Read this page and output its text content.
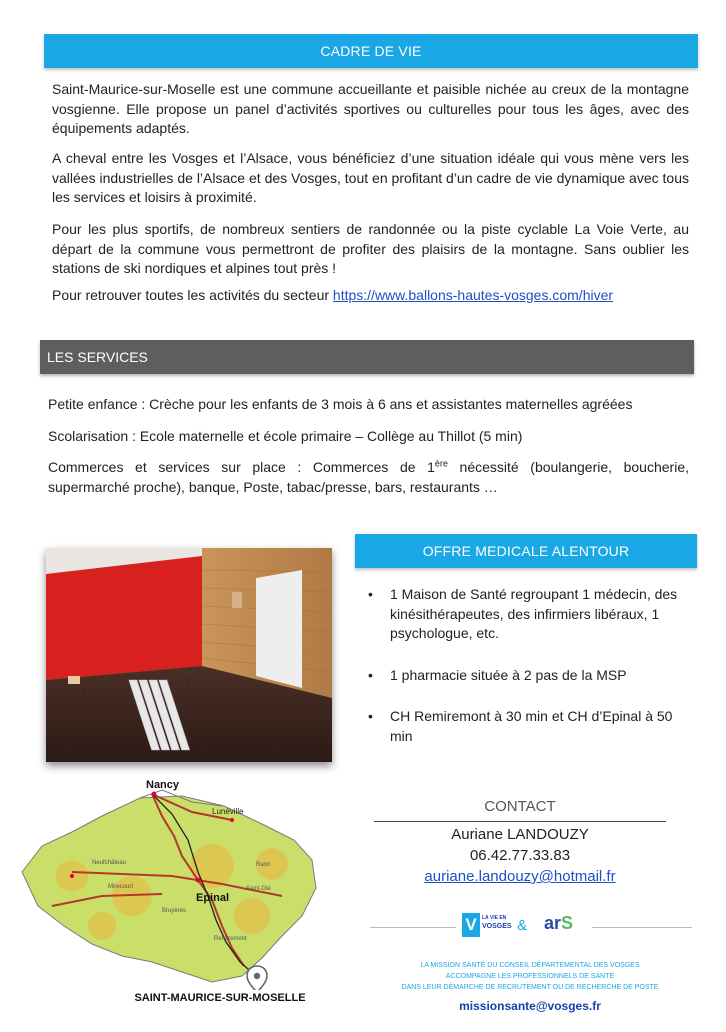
CADRE DE VIE

Saint-Maurice-sur-Moselle est une commune accueillante et paisible nichée au creux de la montagne vosgienne. Elle propose un panel d’activités sportives ou culturelles pour tous les âges, avec des équipements adaptés.

A cheval entre les Vosges et l’Alsace, vous bénéficiez d’une situation idéale qui vous mène vers les vallées industrielles de l’Alsace et des Vosges, tout en profitant d’un cadre de vie dynamique avec tous les services et loisirs à proximité.

Pour les plus sportifs, de nombreux sentiers de randonnée ou la piste cyclable La Voie Verte, au départ de la commune vous permettront de profiter des plaisirs de la montagne. Sans oublier les stations de ski nordiques et alpines tout près !

Pour retrouver toutes les activités du secteur https://www.ballons-hautes-vosges.com/hiver

LES SERVICES

Petite enfance : Crèche pour les enfants de 3 mois à 6 ans et assistantes maternelles agréées

Scolarisation : Ecole maternelle et école primaire – Collège au Thillot (5 min)

Commerces et services sur place : Commerces de 1ère nécessité (boulangerie, boucherie, supermarché proche), banque, Poste, tabac/presse, bars, restaurants …

OFFRE MEDICALE ALENTOUR
• 1 Maison de Santé regroupant 1 médecin, des kinésithérapeutes, des infirmiers libéraux, 1 psychologue, etc.
• 1 pharmacie située à 2 pas de la MSP
• CH Remiremont à 30 min et CH d’Epinal à 50 min
Neufchâteau
Saint-Dié
Raon
Bruyères
Remiremont
Mirecourt
Nancy
Lunéville
Epinal
SAINT-MAURICE-SUR-MOSELLE
CONTACT
Auriane LANDOUZY
06.42.77.33.83
auriane.landouzy@hotmail.fr
V	LA VIE EN
VOSGES & arS
LA MISSION SANTÉ DU CONSEIL DÉPARTEMENTAL DES VOSGES
ACCOMPAGNE LES PROFESSIONNELS DE SANTÉ
DANS LEUR DÉMARCHE DE RECRUTEMENT OU DE RECHERCHE DE POSTE
missionsante@vosges.fr
